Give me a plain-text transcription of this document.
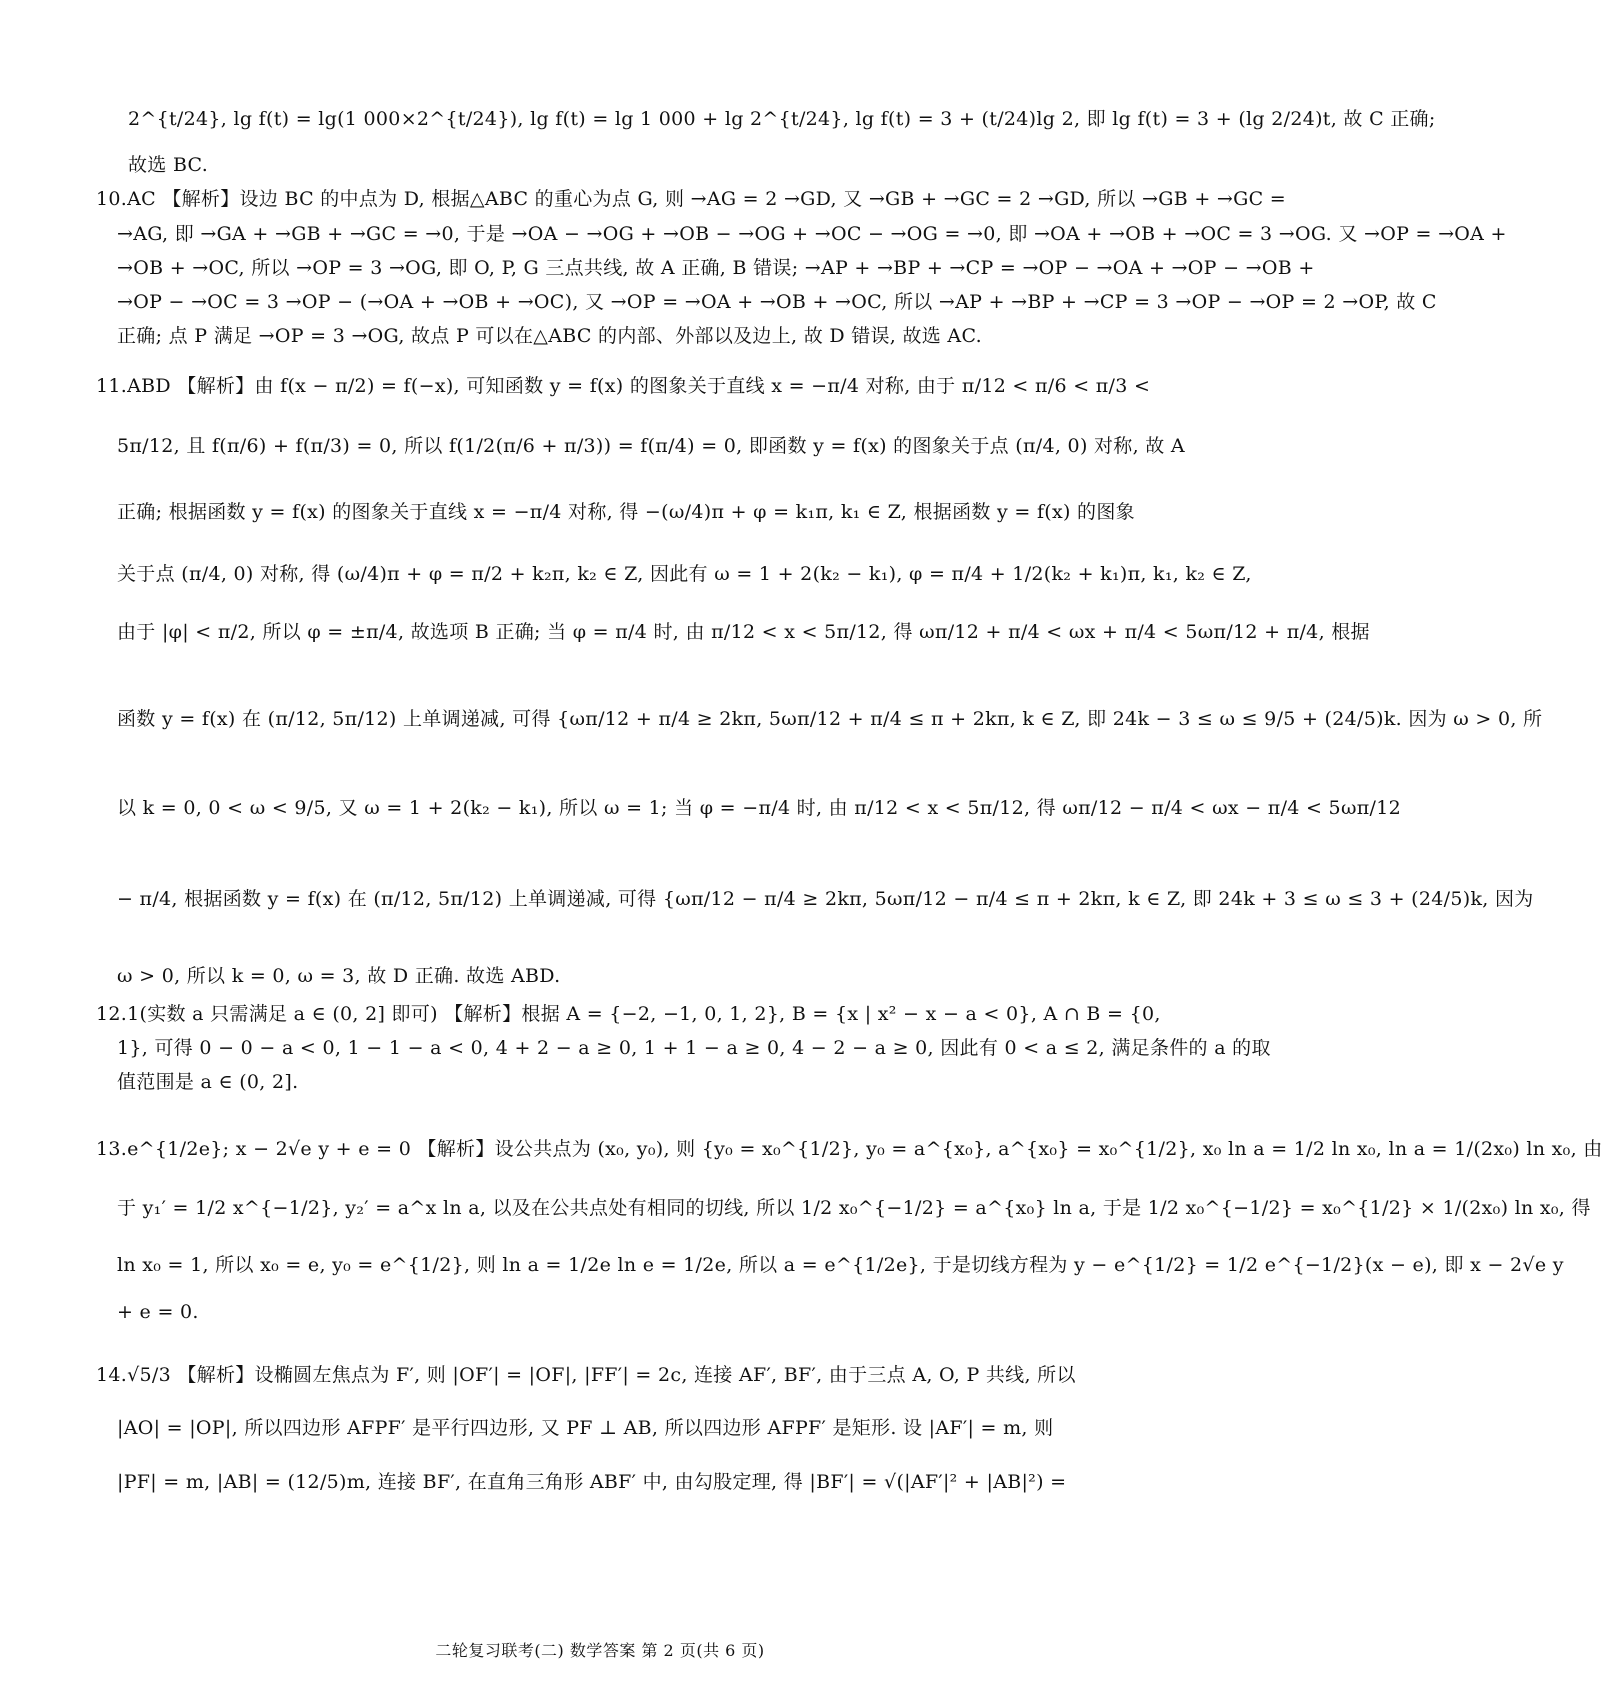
2^{t/24}, lg f(t) = lg(1 000×2^{t/24}), lg f(t) = lg 1 000 + lg 2^{t/24}, lg f(t) = 3 + (t/24)lg 2, 即 lg f(t) = 3 + (lg 2/24)t, 故 C 正确;
故选 BC.
10.AC 【解析】设边 BC 的中点为 D, 根据△ABC 的重心为点 G, 则 →AG = 2 →GD, 又 →GB + →GC = 2 →GD, 所以 →GB + →GC =
→AG, 即 →GA + →GB + →GC = →0, 于是 →OA − →OG + →OB − →OG + →OC − →OG = →0, 即 →OA + →OB + →OC = 3 →OG. 又 →OP = →OA +
→OB + →OC, 所以 →OP = 3 →OG, 即 O, P, G 三点共线, 故 A 正确, B 错误; →AP + →BP + →CP = →OP − →OA + →OP − →OB +
→OP − →OC = 3 →OP − (→OA + →OB + →OC), 又 →OP = →OA + →OB + →OC, 所以 →AP + →BP + →CP = 3 →OP − →OP = 2 →OP, 故 C
正确; 点 P 满足 →OP = 3 →OG, 故点 P 可以在△ABC 的内部、外部以及边上, 故 D 错误, 故选 AC.
11.ABD 【解析】由 f(x − π/2) = f(−x), 可知函数 y = f(x) 的图象关于直线 x = −π/4 对称, 由于 π/12 < π/6 < π/3 <
5π/12, 且 f(π/6) + f(π/3) = 0, 所以 f(1/2(π/6 + π/3)) = f(π/4) = 0, 即函数 y = f(x) 的图象关于点 (π/4, 0) 对称, 故 A
正确; 根据函数 y = f(x) 的图象关于直线 x = −π/4 对称, 得 −(ω/4)π + φ = k₁π, k₁ ∈ Z, 根据函数 y = f(x) 的图象
关于点 (π/4, 0) 对称, 得 (ω/4)π + φ = π/2 + k₂π, k₂ ∈ Z, 因此有 ω = 1 + 2(k₂ − k₁), φ = π/4 + 1/2(k₂ + k₁)π, k₁, k₂ ∈ Z,
由于 |φ| < π/2, 所以 φ = ±π/4, 故选项 B 正确; 当 φ = π/4 时, 由 π/12 < x < 5π/12, 得 ωπ/12 + π/4 < ωx + π/4 < 5ωπ/12 + π/4, 根据
函数 y = f(x) 在 (π/12, 5π/12) 上单调递减, 可得 {ωπ/12 + π/4 ≥ 2kπ, 5ωπ/12 + π/4 ≤ π + 2kπ, k ∈ Z, 即 24k − 3 ≤ ω ≤ 9/5 + (24/5)k. 因为 ω > 0, 所
以 k = 0, 0 < ω < 9/5, 又 ω = 1 + 2(k₂ − k₁), 所以 ω = 1; 当 φ = −π/4 时, 由 π/12 < x < 5π/12, 得 ωπ/12 − π/4 < ωx − π/4 < 5ωπ/12
− π/4, 根据函数 y = f(x) 在 (π/12, 5π/12) 上单调递减, 可得 {ωπ/12 − π/4 ≥ 2kπ, 5ωπ/12 − π/4 ≤ π + 2kπ, k ∈ Z, 即 24k + 3 ≤ ω ≤ 3 + (24/5)k, 因为
ω > 0, 所以 k = 0, ω = 3, 故 D 正确. 故选 ABD.
12.1(实数 a 只需满足 a ∈ (0, 2] 即可) 【解析】根据 A = {−2, −1, 0, 1, 2}, B = {x | x² − x − a < 0}, A ∩ B = {0,
1}, 可得 0 − 0 − a < 0, 1 − 1 − a < 0, 4 + 2 − a ≥ 0, 1 + 1 − a ≥ 0, 4 − 2 − a ≥ 0, 因此有 0 < a ≤ 2, 满足条件的 a 的取
值范围是 a ∈ (0, 2].
13.e^{1/2e}; x − 2√e y + e = 0 【解析】设公共点为 (x₀, y₀), 则 {y₀ = x₀^{1/2}, y₀ = a^{x₀}, a^{x₀} = x₀^{1/2}, x₀ ln a = 1/2 ln x₀, ln a = 1/(2x₀) ln x₀, 由
于 y₁′ = 1/2 x^{−1/2}, y₂′ = a^x ln a, 以及在公共点处有相同的切线, 所以 1/2 x₀^{−1/2} = a^{x₀} ln a, 于是 1/2 x₀^{−1/2} = x₀^{1/2} × 1/(2x₀) ln x₀, 得
ln x₀ = 1, 所以 x₀ = e, y₀ = e^{1/2}, 则 ln a = 1/2e ln e = 1/2e, 所以 a = e^{1/2e}, 于是切线方程为 y − e^{1/2} = 1/2 e^{−1/2}(x − e), 即 x − 2√e y
+ e = 0.
14.√5/3 【解析】设椭圆左焦点为 F′, 则 |OF′| = |OF|, |FF′| = 2c, 连接 AF′, BF′, 由于三点 A, O, P 共线, 所以
|AO| = |OP|, 所以四边形 AFPF′ 是平行四边形, 又 PF ⊥ AB, 所以四边形 AFPF′ 是矩形. 设 |AF′| = m, 则
|PF| = m, |AB| = (12/5)m, 连接 BF′, 在直角三角形 ABF′ 中, 由勾股定理, 得 |BF′| = √(|AF′|² + |AB|²) =
二轮复习联考(二) 数学答案 第 2 页(共 6 页)
